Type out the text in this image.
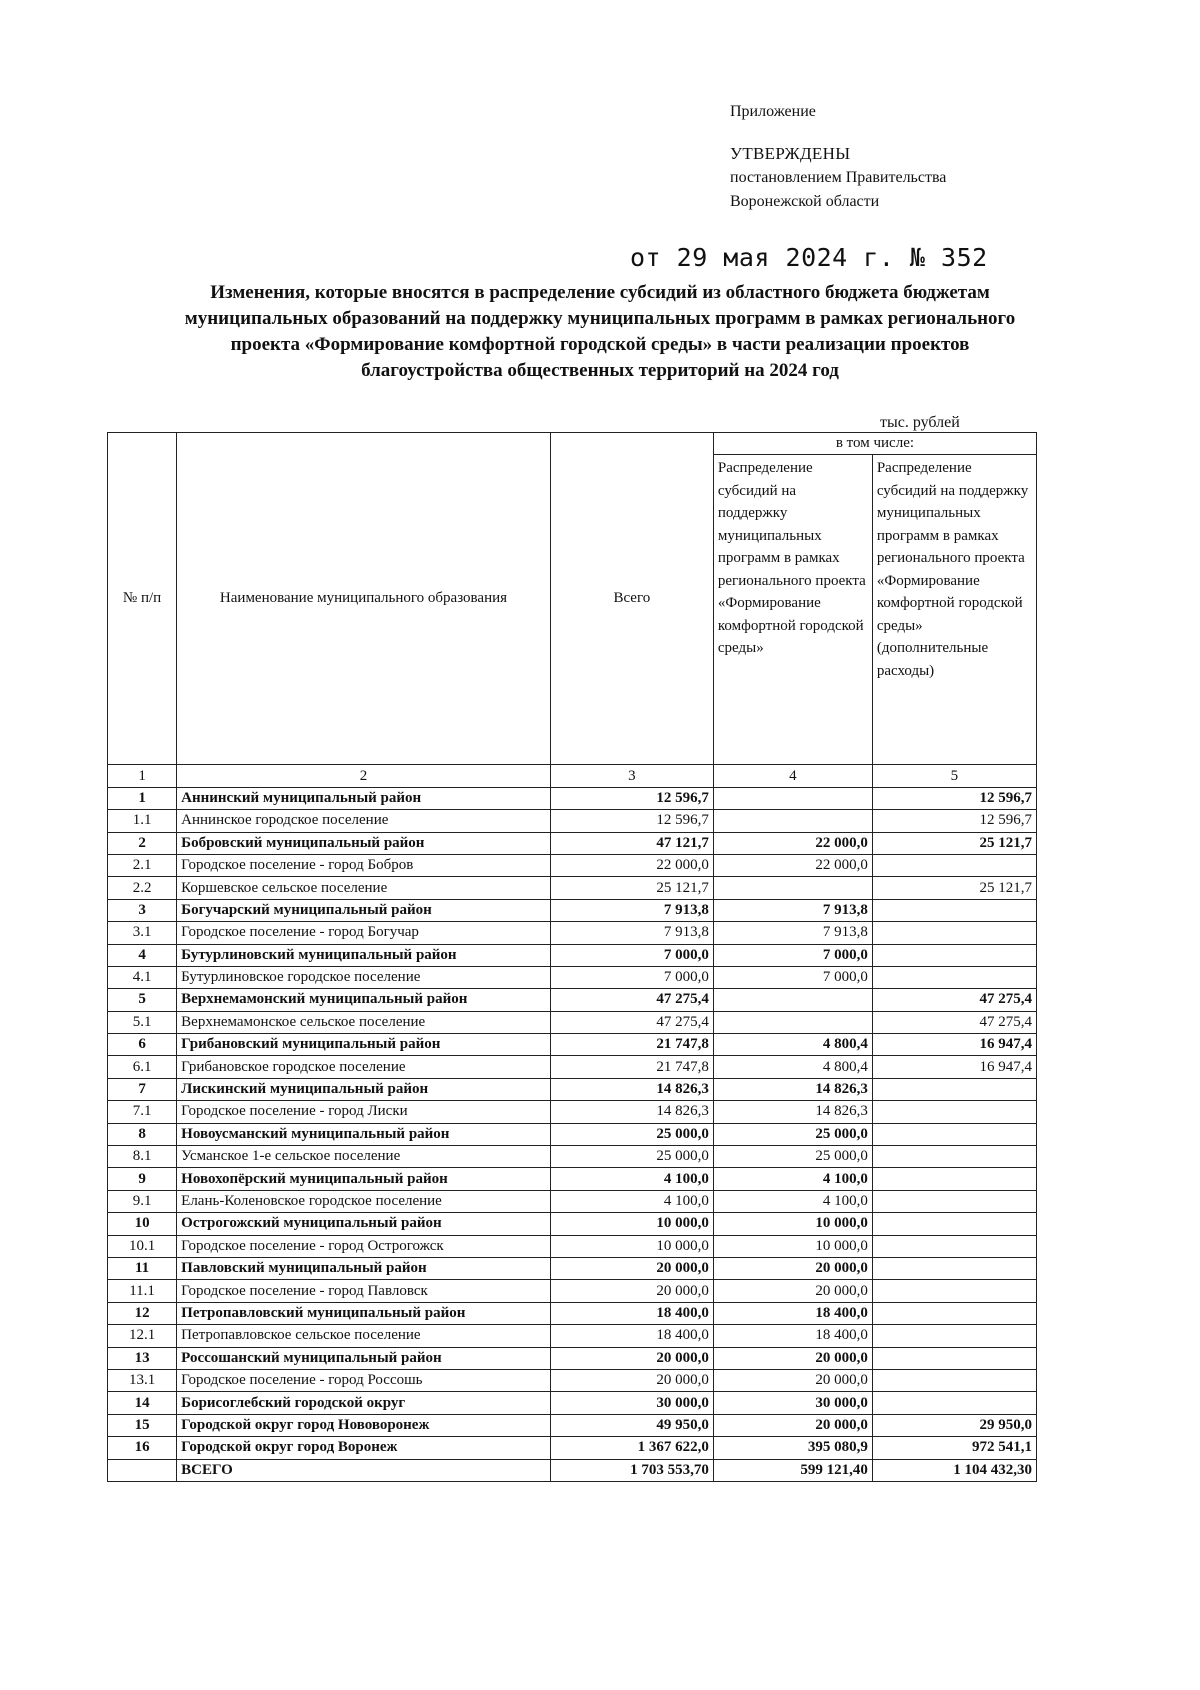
Приложение
УТВЕРЖДЕНЫ
постановлением Правительства
Воронежской области
от 29 мая 2024 г. № 352
Изменения, которые вносятся в распределение субсидий из областного бюджета бюджетам
муниципальных образований на поддержку муниципальных программ в рамках регионального
проекта «Формирование комфортной городской среды» в части реализации проектов
благоустройства общественных территорий на 2024 год
тыс. рублей
№ п/п	Наименование муниципального образования	Всего	в том числе:	
			Распределение субсидий на поддержку муниципальных программ в рамках регионального проекта «Формирование комфортной городской среды»	Распределение субсидий на поддержку муниципальных программ в рамках регионального проекта «Формирование комфортной городской среды» (дополнительные расходы)
1	2	3	4	5
1	Аннинский муниципальный район	12 596,7		12 596,7
1.1	Аннинское городское поселение	12 596,7		12 596,7
2	Бобровский муниципальный район	47 121,7	22 000,0	25 121,7
2.1	Городское поселение - город Бобров	22 000,0	22 000,0	
2.2	Коршевское сельское поселение	25 121,7		25 121,7
3	Богучарский муниципальный район	7 913,8	7 913,8	
3.1	Городское поселение - город Богучар	7 913,8	7 913,8	
4	Бутурлиновский муниципальный район	7 000,0	7 000,0	
4.1	Бутурлиновское городское поселение	7 000,0	7 000,0	
5	Верхнемамонский муниципальный район	47 275,4		47 275,4
5.1	Верхнемамонское сельское поселение	47 275,4		47 275,4
6	Грибановский муниципальный район	21 747,8	4 800,4	16 947,4
6.1	Грибановское городское поселение	21 747,8	4 800,4	16 947,4
7	Лискинский муниципальный район	14 826,3	14 826,3	
7.1	Городское поселение - город Лиски	14 826,3	14 826,3	
8	Новоусманский муниципальный район	25 000,0	25 000,0	
8.1	Усманское 1-е сельское поселение	25 000,0	25 000,0	
9	Новохопёрский муниципальный район	4 100,0	4 100,0	
9.1	Елань-Коленовское городское поселение	4 100,0	4 100,0	
10	Острогожский муниципальный район	10 000,0	10 000,0	
10.1	Городское поселение - город Острогожск	10 000,0	10 000,0	
11	Павловский муниципальный район	20 000,0	20 000,0	
11.1	Городское поселение - город Павловск	20 000,0	20 000,0	
12	Петропавловский муниципальный район	18 400,0	18 400,0	
12.1	Петропавловское сельское поселение	18 400,0	18 400,0	
13	Россошанский муниципальный район	20 000,0	20 000,0	
13.1	Городское поселение - город Россошь	20 000,0	20 000,0	
14	Борисоглебский городской округ	30 000,0	30 000,0	
15	Городской округ город Нововоронеж	49 950,0	20 000,0	29 950,0
16	Городской округ город Воронеж	1 367 622,0	395 080,9	972 541,1
	ВСЕГО	1 703 553,70	599 121,40	1 104 432,30
